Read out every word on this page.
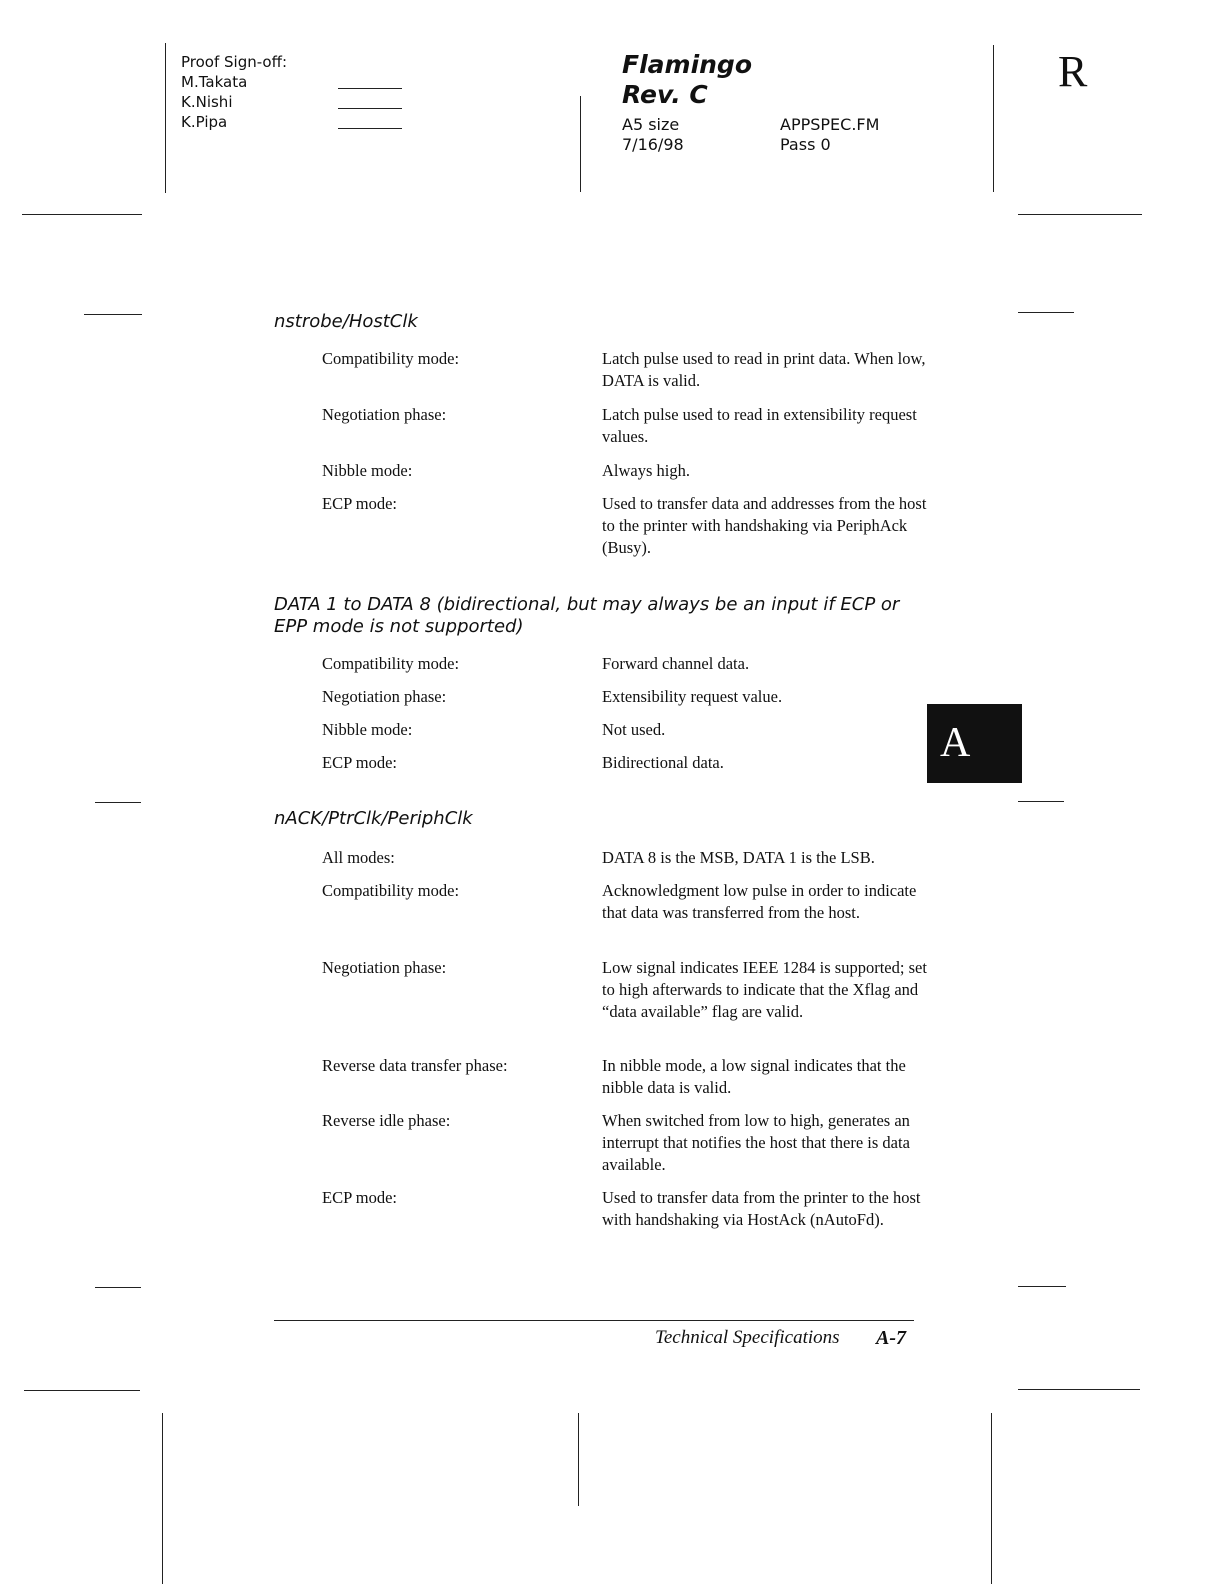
Proof Sign-off:
M.Takata
K.Nishi
K.Pipa
Flamingo
Rev. C
A5 size
7/16/98
APPSPEC.FM
Pass 0
R
A
nstrobe/HostClk
Compatibility mode:	Latch pulse used to read in print data. When low, DATA is valid.
Negotiation phase:	Latch pulse used to read in extensibility request values.
Nibble mode:	Always high.
ECP mode:	Used to transfer data and addresses from the host to the printer with handshaking via PeriphAck (Busy).
DATA 1 to DATA 8 (bidirectional, but may always be an input if ECP or EPP mode is not supported)
Compatibility mode:	Forward channel data.
Negotiation phase:	Extensibility request value.
Nibble mode:	Not used.
ECP mode:	Bidirectional data.
nACK/PtrClk/PeriphClk
All modes:	DATA 8 is the MSB, DATA 1 is the LSB.
Compatibility mode:	Acknowledgment low pulse in order to indicate that data was transferred from the host.
Negotiation phase:	Low signal indicates IEEE 1284 is supported; set to high afterwards to indicate that the Xflag and “data available” flag are valid.
Reverse data transfer phase:	In nibble mode, a low signal indicates that the nibble data is valid.
Reverse idle phase:	When switched from low to high, generates an interrupt that notifies the host that there is data available.
ECP mode:	Used to transfer data from the printer to the host with handshaking via HostAck (nAutoFd).
Technical Specifications A-7
